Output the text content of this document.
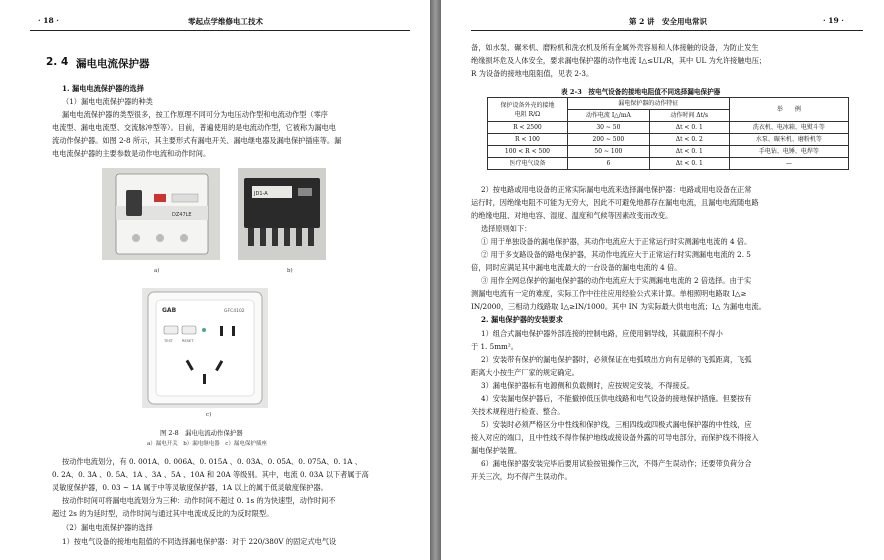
· 18 ·	零起点学维修电工技术
2. 4 漏电电流保护器
1. 漏电电流保护器的选择
（1）漏电电流保护器的种类
漏电电流保护器的类型很多，按工作原理不同可分为电压动作型和电流动作型（零序
电流型、漏电电流型、交流脉冲型等）。目前，普遍使用的是电流动作型，它被称为漏电电
流动作保护器。如图 2-8 所示，其主要形式有漏电开关、漏电继电器及漏电保护插座等。漏
电电流保护器的主要参数是动作电流和动作时间。
DZ47LE
a)
JD1-A
b)
GAB	GFC4102
TEST	RESET
c)
图 2-8　漏电电流动作保护器
a）漏电开关　b）漏电继电器　c）漏电保护插座
按动作电流划分，有 0. 001A、0. 006A、0. 015A 、0. 03A、0. 05A、0. 075A、0. 1A 、
0. 2A、0. 3A 、0. 5A、1A 、3A 、5A 、10A 和 20A 等级别。其中，电流 0. 03A 以下者属于高
灵敏度保护器，0. 03 ~ 1A 属于中等灵敏度保护器，1A 以上的属于低灵敏度保护器。
按动作时间可将漏电电流划分为三种：动作时间不超过 0. 1s 的为快速型，动作时间不
超过 2s 的为延时型，动作时间与通过其中电流成反比的为反时限型。
（2）漏电电流保护器的选择
1）按电气设备的接地电阻值的不同选择漏电保护器：对于 220/380V 的固定式电气设
第 2 讲　安全用电常识	· 19 ·
备，如水泵、碾米机、磨粉机和洗衣机及所有金属外壳容易和人体接触的设备，为防止发生
绝缘损坏危及人体安全，要求漏电保护器的动作电流 I△≤UL/R，其中 UL 为允许接触电压；
R 为设备的接地电阻阻值，见表 2-3。
表 2-3　按电气设备的接地电阻值不同选择漏电保护器
保护设备外壳的接地
电阻 R/Ω	漏电保护器的动作特征		举　　例
	动作电流 I△/mA	动作时间 Δt/s	
R < 2500	30 ~ 50	Δt < 0. 1	洗衣机、电冰箱、电熨斗等
R < 100	200 ~ 500	Δt < 0. 2	水泵、碾米机、磨粉机等
100 < R < 500	50 ~ 100	Δt < 0. 1	手电钻、电锤、电焊等
医疗电气设备	6	Δt < 0. 1	—
2）按电路或用电设备的正常实际漏电电流来选择漏电保护器：电路或用电设备在正常
运行时，因绝缘电阻不可能为无穷大，因此不可避免地都存在漏电电流，且漏电电流随电路
的绝缘电阻、对地电容、湿度、温度和气候等因素改变而改变。
选择原则如下：
① 用于单独设备的漏电保护器，其动作电流应大于正常运行时实测漏电电流的 4 倍。
② 用于多支路设备的路电保护器，其动作电流应大于正常运行时实测漏电电流的 2. 5
倍，同时应满足其中漏电电流最大的一台设备的漏电电流的 4 倍。
③ 用作全网总保护的漏电保护器的动作电流应大于实测漏电电流的 2 倍选择。由于实
测漏电电流有一定的难度，实际工作中往往应用经验公式来计算。单相照明电路取 I△≥
IN/2000，三相动力线路取 I△≥IN/1000。其中 IN 为实际最大供电电流；I△ 为漏电电流。
2. 漏电保护器的安装要求
1）组合式漏电保护器外部连接的控制电路，应使用铜导线，其截面积不得小
于 1. 5mm²。
2）安装带有保护的漏电保护器时，必须保证在电弧喷出方向有足够的飞弧距离，飞弧
距离大小按生产厂家的规定确定。
3）漏电保护器标有电源侧和负载侧时，应按规定安装，不得接反。
4）安装漏电保护器后，不能撤掉低压供电线路和电气设备的接地保护措施。但要按有
关技术规程进行检查、整合。
5）安装时必须严格区分中性线和保护线，三相四线或四极式漏电保护器的中性线，应
接入对应的端口，且中性线不得作保护地线或接设备外露的可导电部分，而保护线不得接入
漏电保护装置。
6）漏电保护器安装完毕后要用试验按钮操作三次，不得产生误动作；还要带负荷分合
开关三次，均不得产生误动作。
